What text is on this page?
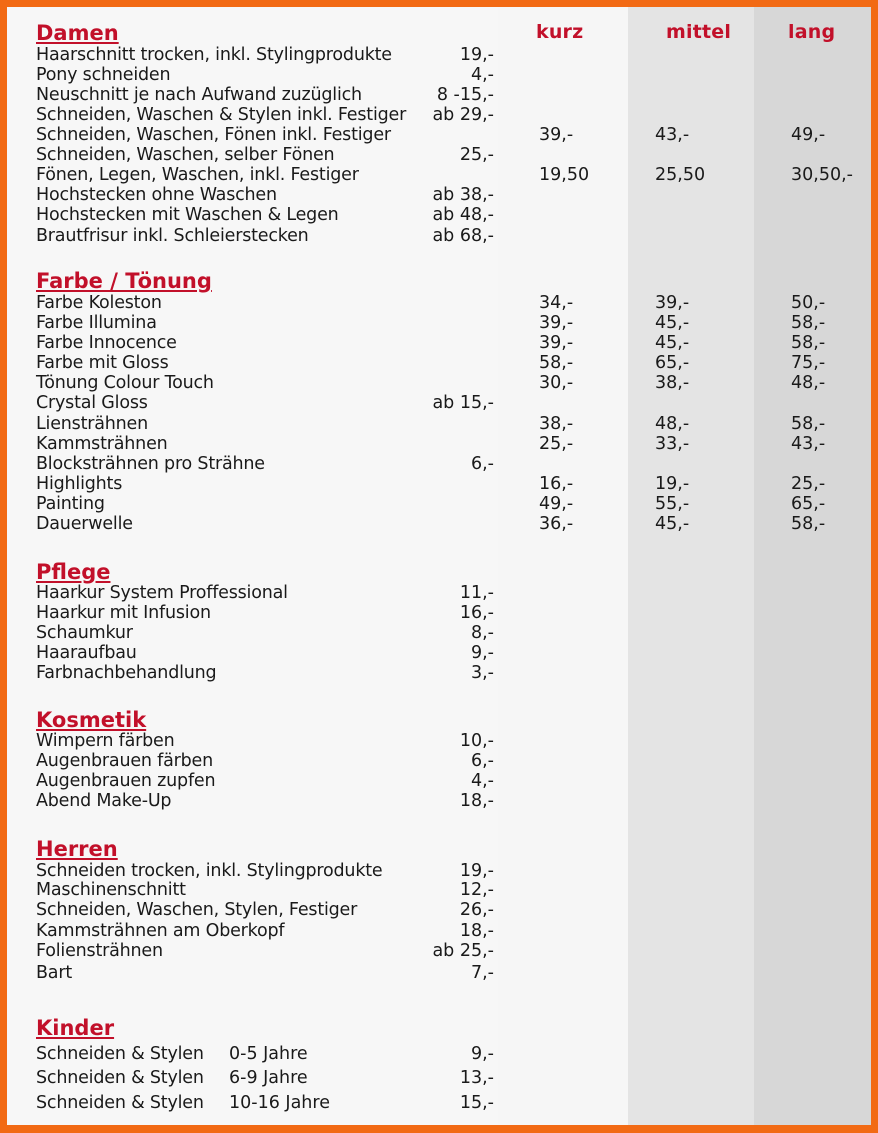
kurz	mittel	lang
Damen
Haarschnitt trocken, inkl. Stylingprodukte	19,-
Pony schneiden	4,-
Neuschnitt je nach Aufwand zuzüglich	8 -15,-
Schneiden, Waschen & Stylen inkl. Festiger ab 29,-
Schneiden, Waschen, Fönen inkl. Festiger	39,-	43,-	49,-
Schneiden, Waschen, selber Fönen	25,-
Fönen, Legen, Waschen, inkl. Festiger	19,50	25,50	30,50,-
Hochstecken ohne Waschen	ab 38,-
Hochstecken mit Waschen & Legen	ab 48,-
Brautfrisur inkl. Schleierstecken	ab 68,-
Farbe / Tönung
Farbe Koleston	34,-	39,-	50,-
Farbe Illumina	39,-	45,-	58,-
Farbe Innocence	39,-	45,-	58,-
Farbe mit Gloss	58,-	65,-	75,-
Tönung Colour Touch	30,-	38,-	48,-
Crystal Gloss	ab 15,-
Liensträhnen	38,-	48,-	58,-
Kammsträhnen	25,-	33,-	43,-
Blocksträhnen pro Strähne	6,-
Highlights	16,-	19,-	25,-
Painting	49,-	55,-	65,-
Dauerwelle	36,-	45,-	58,-
Pflege
Haarkur System Proffessional	11,-
Haarkur mit Infusion	16,-
Schaumkur	8,-
Haaraufbau	9,-
Farbnachbehandlung	3,-
Kosmetik
Wimpern färben	10,-
Augenbrauen färben	6,-
Augenbrauen zupfen	4,-
Abend Make-Up	18,-
Herren
Schneiden trocken, inkl. Stylingprodukte	19,-
Maschinenschnitt	12,-
Schneiden, Waschen, Stylen, Festiger	26,-
Kammsträhnen am Oberkopf	18,-
Foliensträhnen	ab 25,-
Bart	7,-
Kinder
Schneiden & Stylen 0-5 Jahre	9,-
Schneiden & Stylen 6-9 Jahre	13,-
Schneiden & Stylen 10-16 Jahre	15,-
